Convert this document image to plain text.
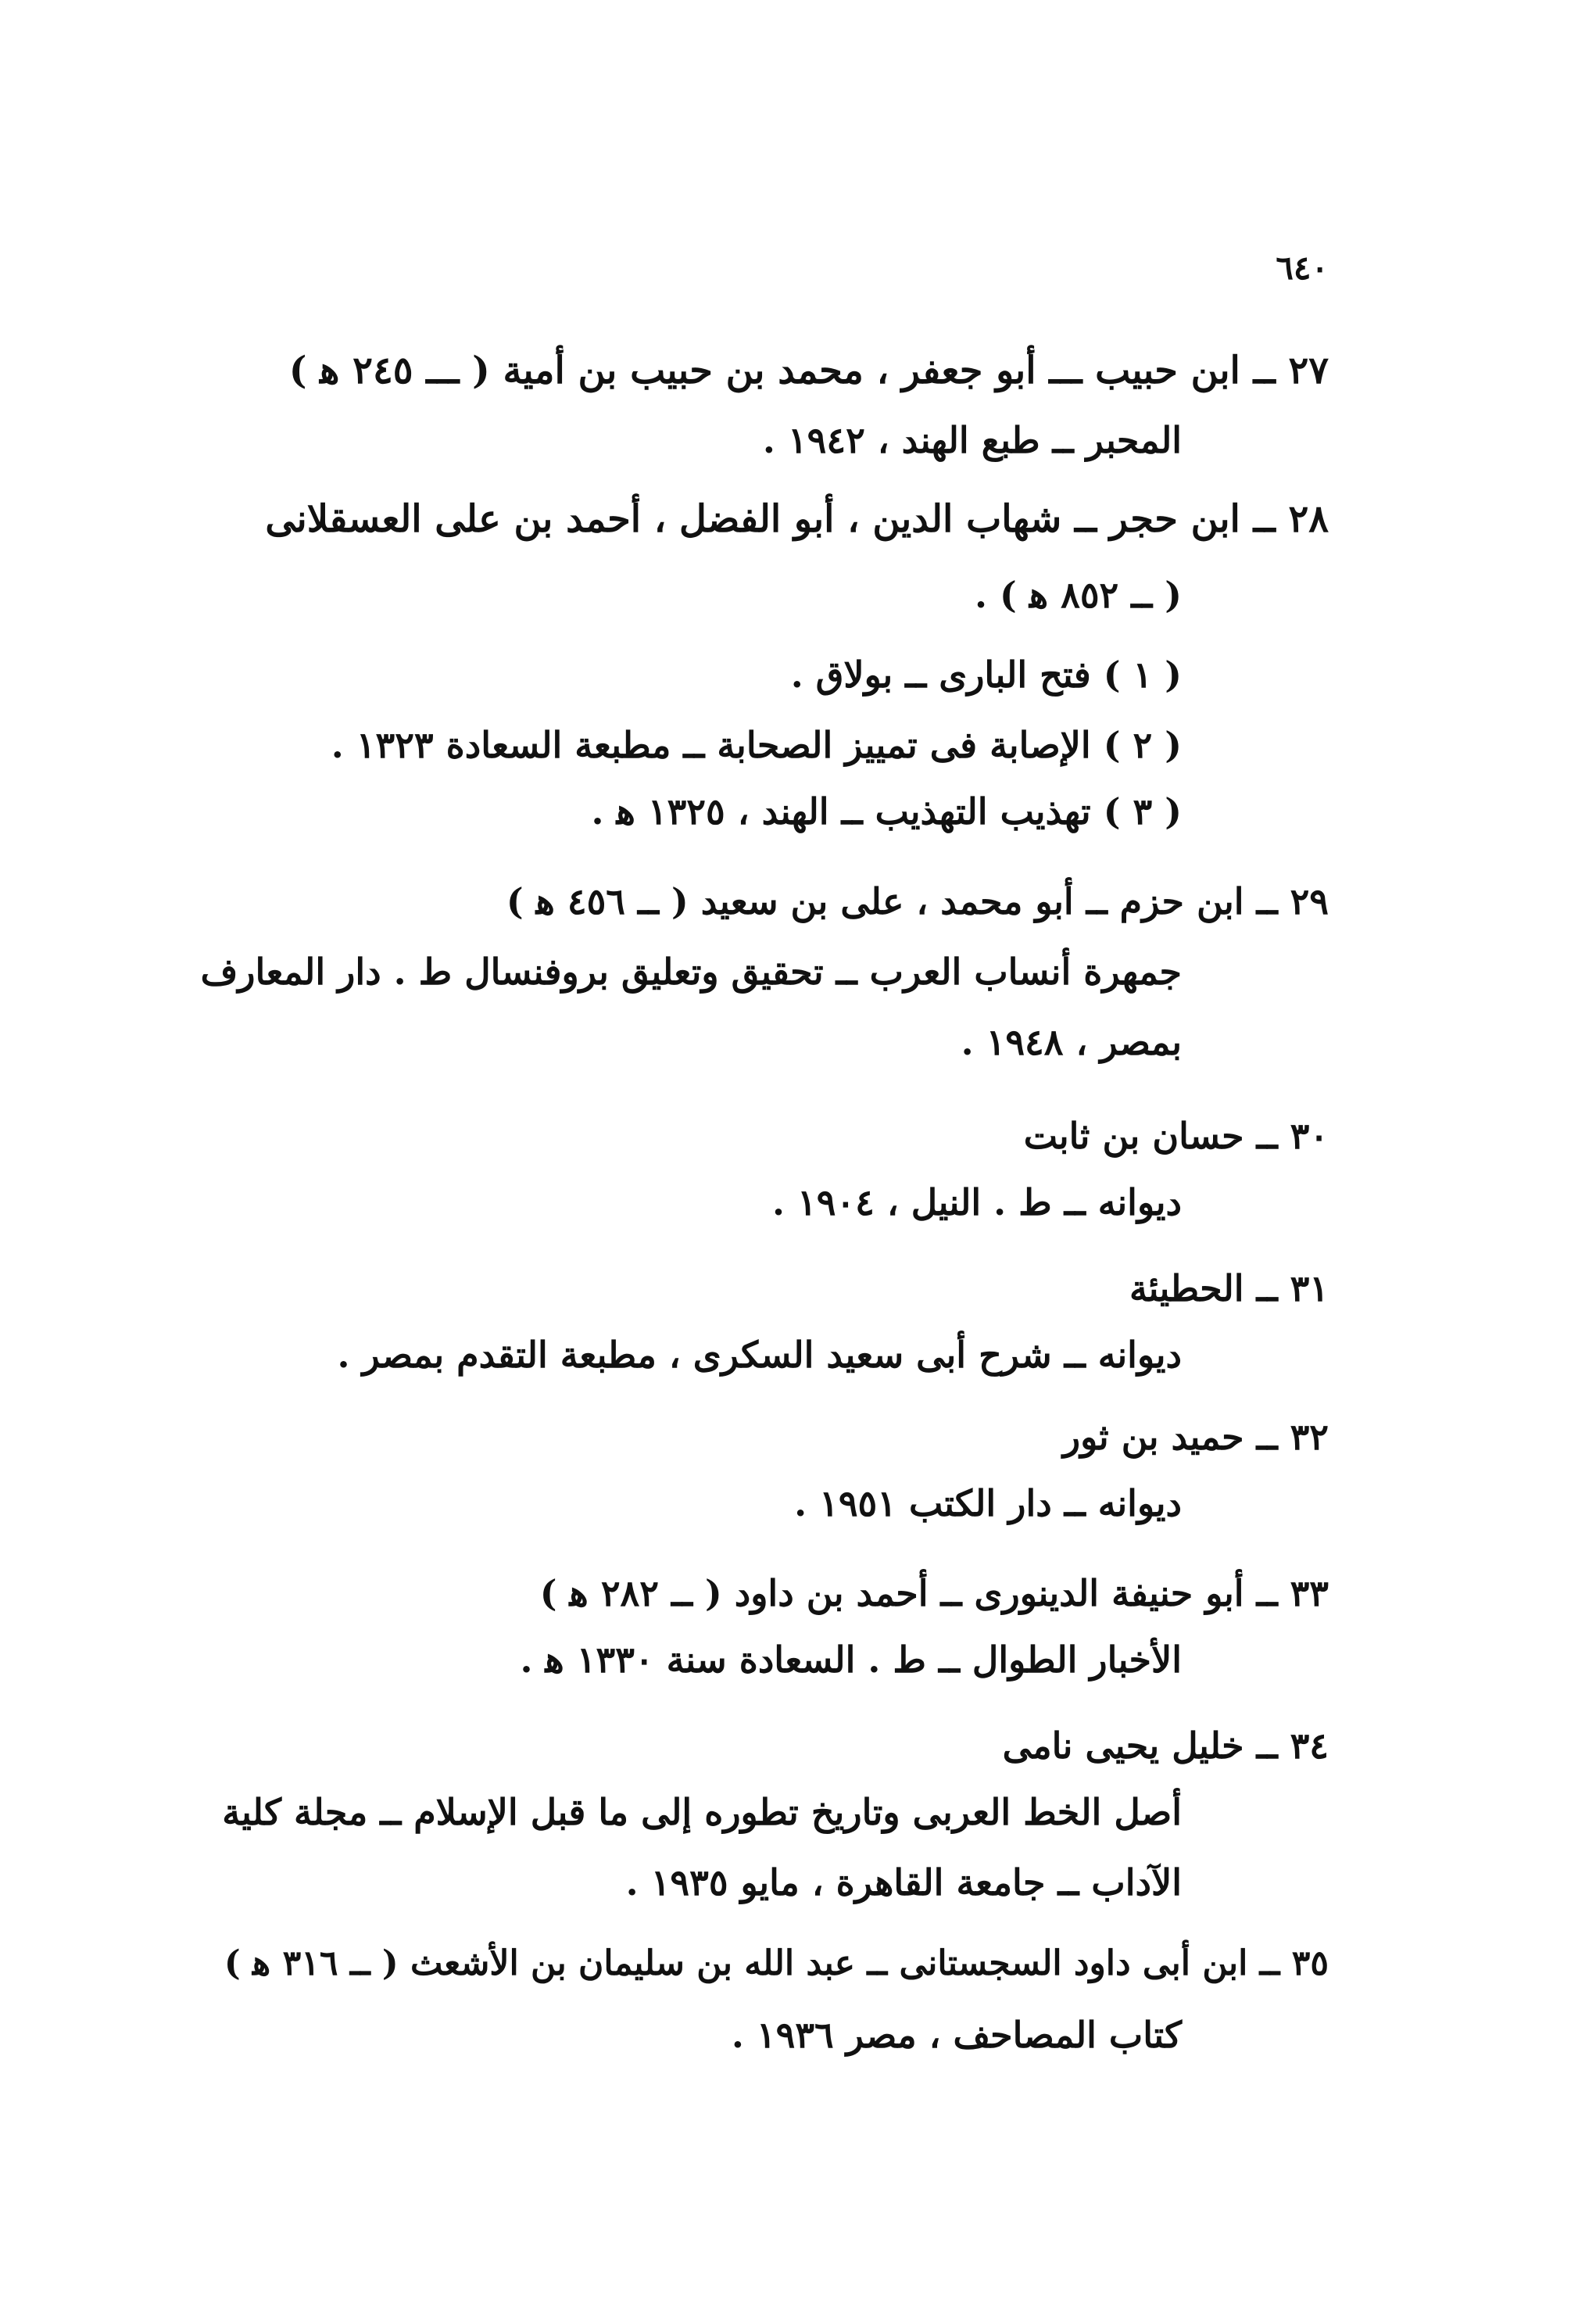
٦٤٠
٢٧ ــ ابن حبيب ـــ أبو جعفر ، محمد بن حبيب بن أمية ( ـــ ٢٤٥ ﻫ )
المحبر ــ طبع الهند ، ١٩٤٢ .
٢٨ ــ ابن حجر ــ شهاب الدين ، أبو الفضل ، أحمد بن على العسقلانى
( ــ ٨٥٢ ﻫ ) .
( ١ ) فتح البارى ــ بولاق .
( ٢ ) الإصابة فى تمييز الصحابة ــ مطبعة السعادة ١٣٢٣ .
( ٣ ) تهذيب التهذيب ــ الهند ، ١٣٢٥ ﻫ .
٢٩ ــ ابن حزم ــ أبو محمد ، على بن سعيد ( ــ ٤٥٦ ﻫ )
جمهرة أنساب العرب ــ تحقيق وتعليق بروفنسال ط . دار المعارف
بمصر ، ١٩٤٨ .
٣٠ ــ حسان بن ثابت
ديوانه ــ ط . النيل ، ١٩٠٤ .
٣١ ــ الحطيئة
ديوانه ــ شرح أبى سعيد السكرى ، مطبعة التقدم بمصر .
٣٢ ــ حميد بن ثور
ديوانه ــ دار الكتب ١٩٥١ .
٣٣ ــ أبو حنيفة الدينورى ــ أحمد بن داود ( ــ ٢٨٢ ﻫ )
الأخبار الطوال ــ ط . السعادة سنة ١٣٣٠ ﻫ .
٣٤ ــ خليل يحيى نامى
أصل الخط العربى وتاريخ تطوره إلى ما قبل الإسلام ــ مجلة كلية
الآداب ــ جامعة القاهرة ، مايو ١٩٣٥ .
٣٥ ــ ابن أبى داود السجستانى ــ عبد الله بن سليمان بن الأشعث ( ــ ٣١٦ ﻫ )
كتاب المصاحف ، مصر ١٩٣٦ .
